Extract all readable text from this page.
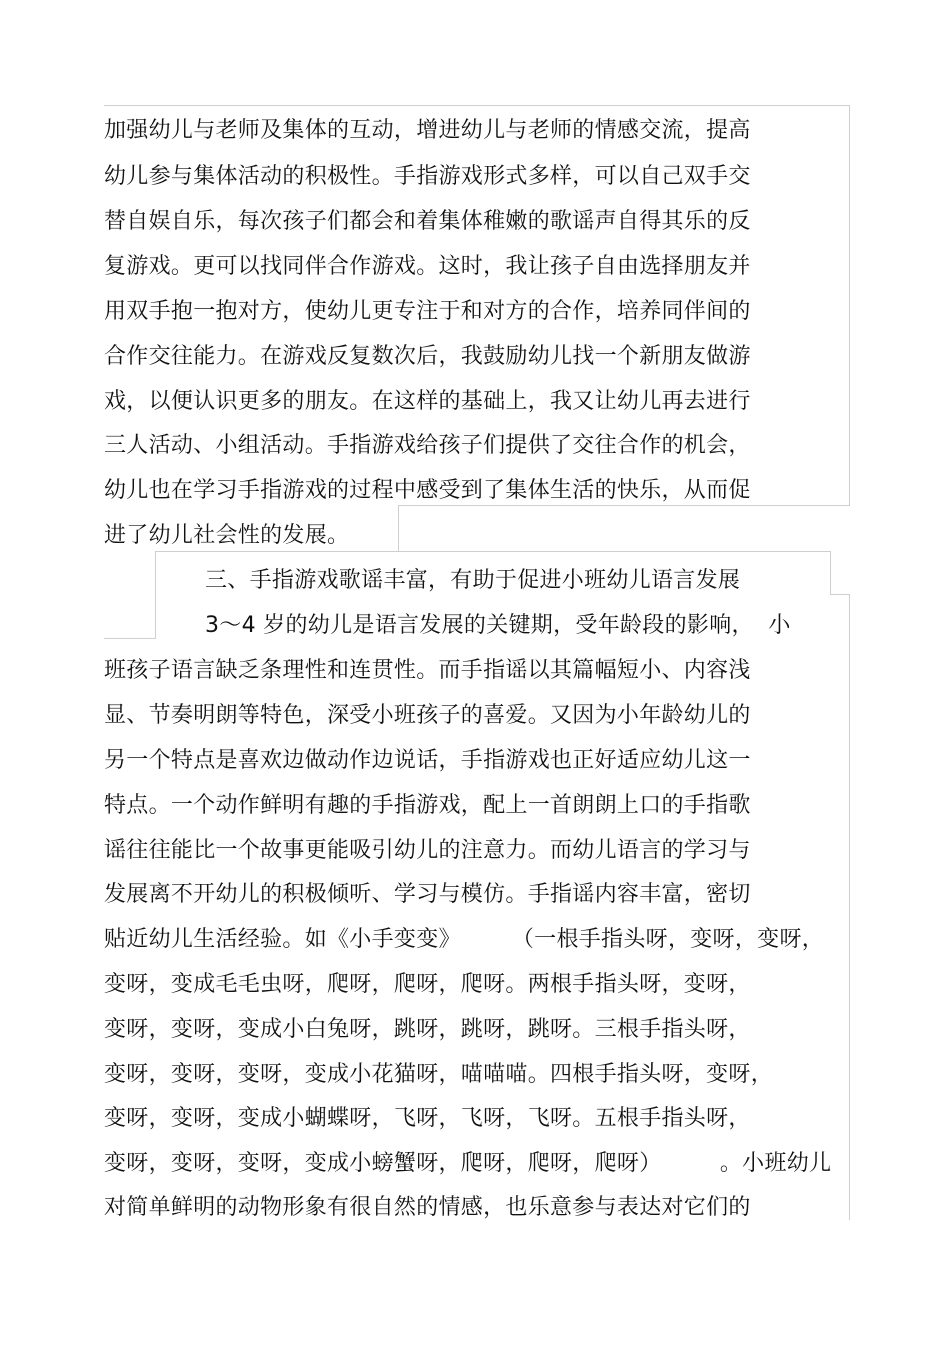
加强幼儿与老师及集体的互动，增进幼儿与老师的情感交流，提高
幼儿参与集体活动的积极性。手指游戏形式多样，可以自己双手交
替自娱自乐，每次孩子们都会和着集体稚嫩的歌谣声自得其乐的反
复游戏。更可以找同伴合作游戏。这时，我让孩子自由选择朋友并
用双手抱一抱对方，使幼儿更专注于和对方的合作，培养同伴间的
合作交往能力。在游戏反复数次后，我鼓励幼儿找一个新朋友做游
戏，以便认识更多的朋友。在这样的基础上，我又让幼儿再去进行
三人活动、小组活动。手指游戏给孩子们提供了交往合作的机会，
幼儿也在学习手指游戏的过程中感受到了集体生活的快乐，从而促
进了幼儿社会性的发展。
三、手指游戏歌谣丰富，有助于促进小班幼儿语言发展
3～4 岁的幼儿是语言发展的关键期，受年龄段的影响，  小
班孩子语言缺乏条理性和连贯性。而手指谣以其篇幅短小、内容浅
显、节奏明朗等特色，深受小班孩子的喜爱。又因为小年龄幼儿的
另一个特点是喜欢边做动作边说话，手指游戏也正好适应幼儿这一
特点。一个动作鲜明有趣的手指游戏，配上一首朗朗上口的手指歌
谣往往能比一个故事更能吸引幼儿的注意力。而幼儿语言的学习与
发展离不开幼儿的积极倾听、学习与模仿。手指谣内容丰富，密切
贴近幼儿生活经验。如《小手变变》       （一根手指头呀，变呀，变呀，
变呀，变成毛毛虫呀，爬呀，爬呀，爬呀。两根手指头呀，变呀，
变呀，变呀，变成小白兔呀，跳呀，跳呀，跳呀。三根手指头呀，
变呀，变呀，变呀，变成小花猫呀，喵喵喵。四根手指头呀，变呀，
变呀，变呀，变成小蝴蝶呀，飞呀，飞呀，飞呀。五根手指头呀，
变呀，变呀，变呀，变成小螃蟹呀，爬呀，爬呀，爬呀）        。小班幼儿
对简单鲜明的动物形象有很自然的情感，也乐意参与表达对它们的
